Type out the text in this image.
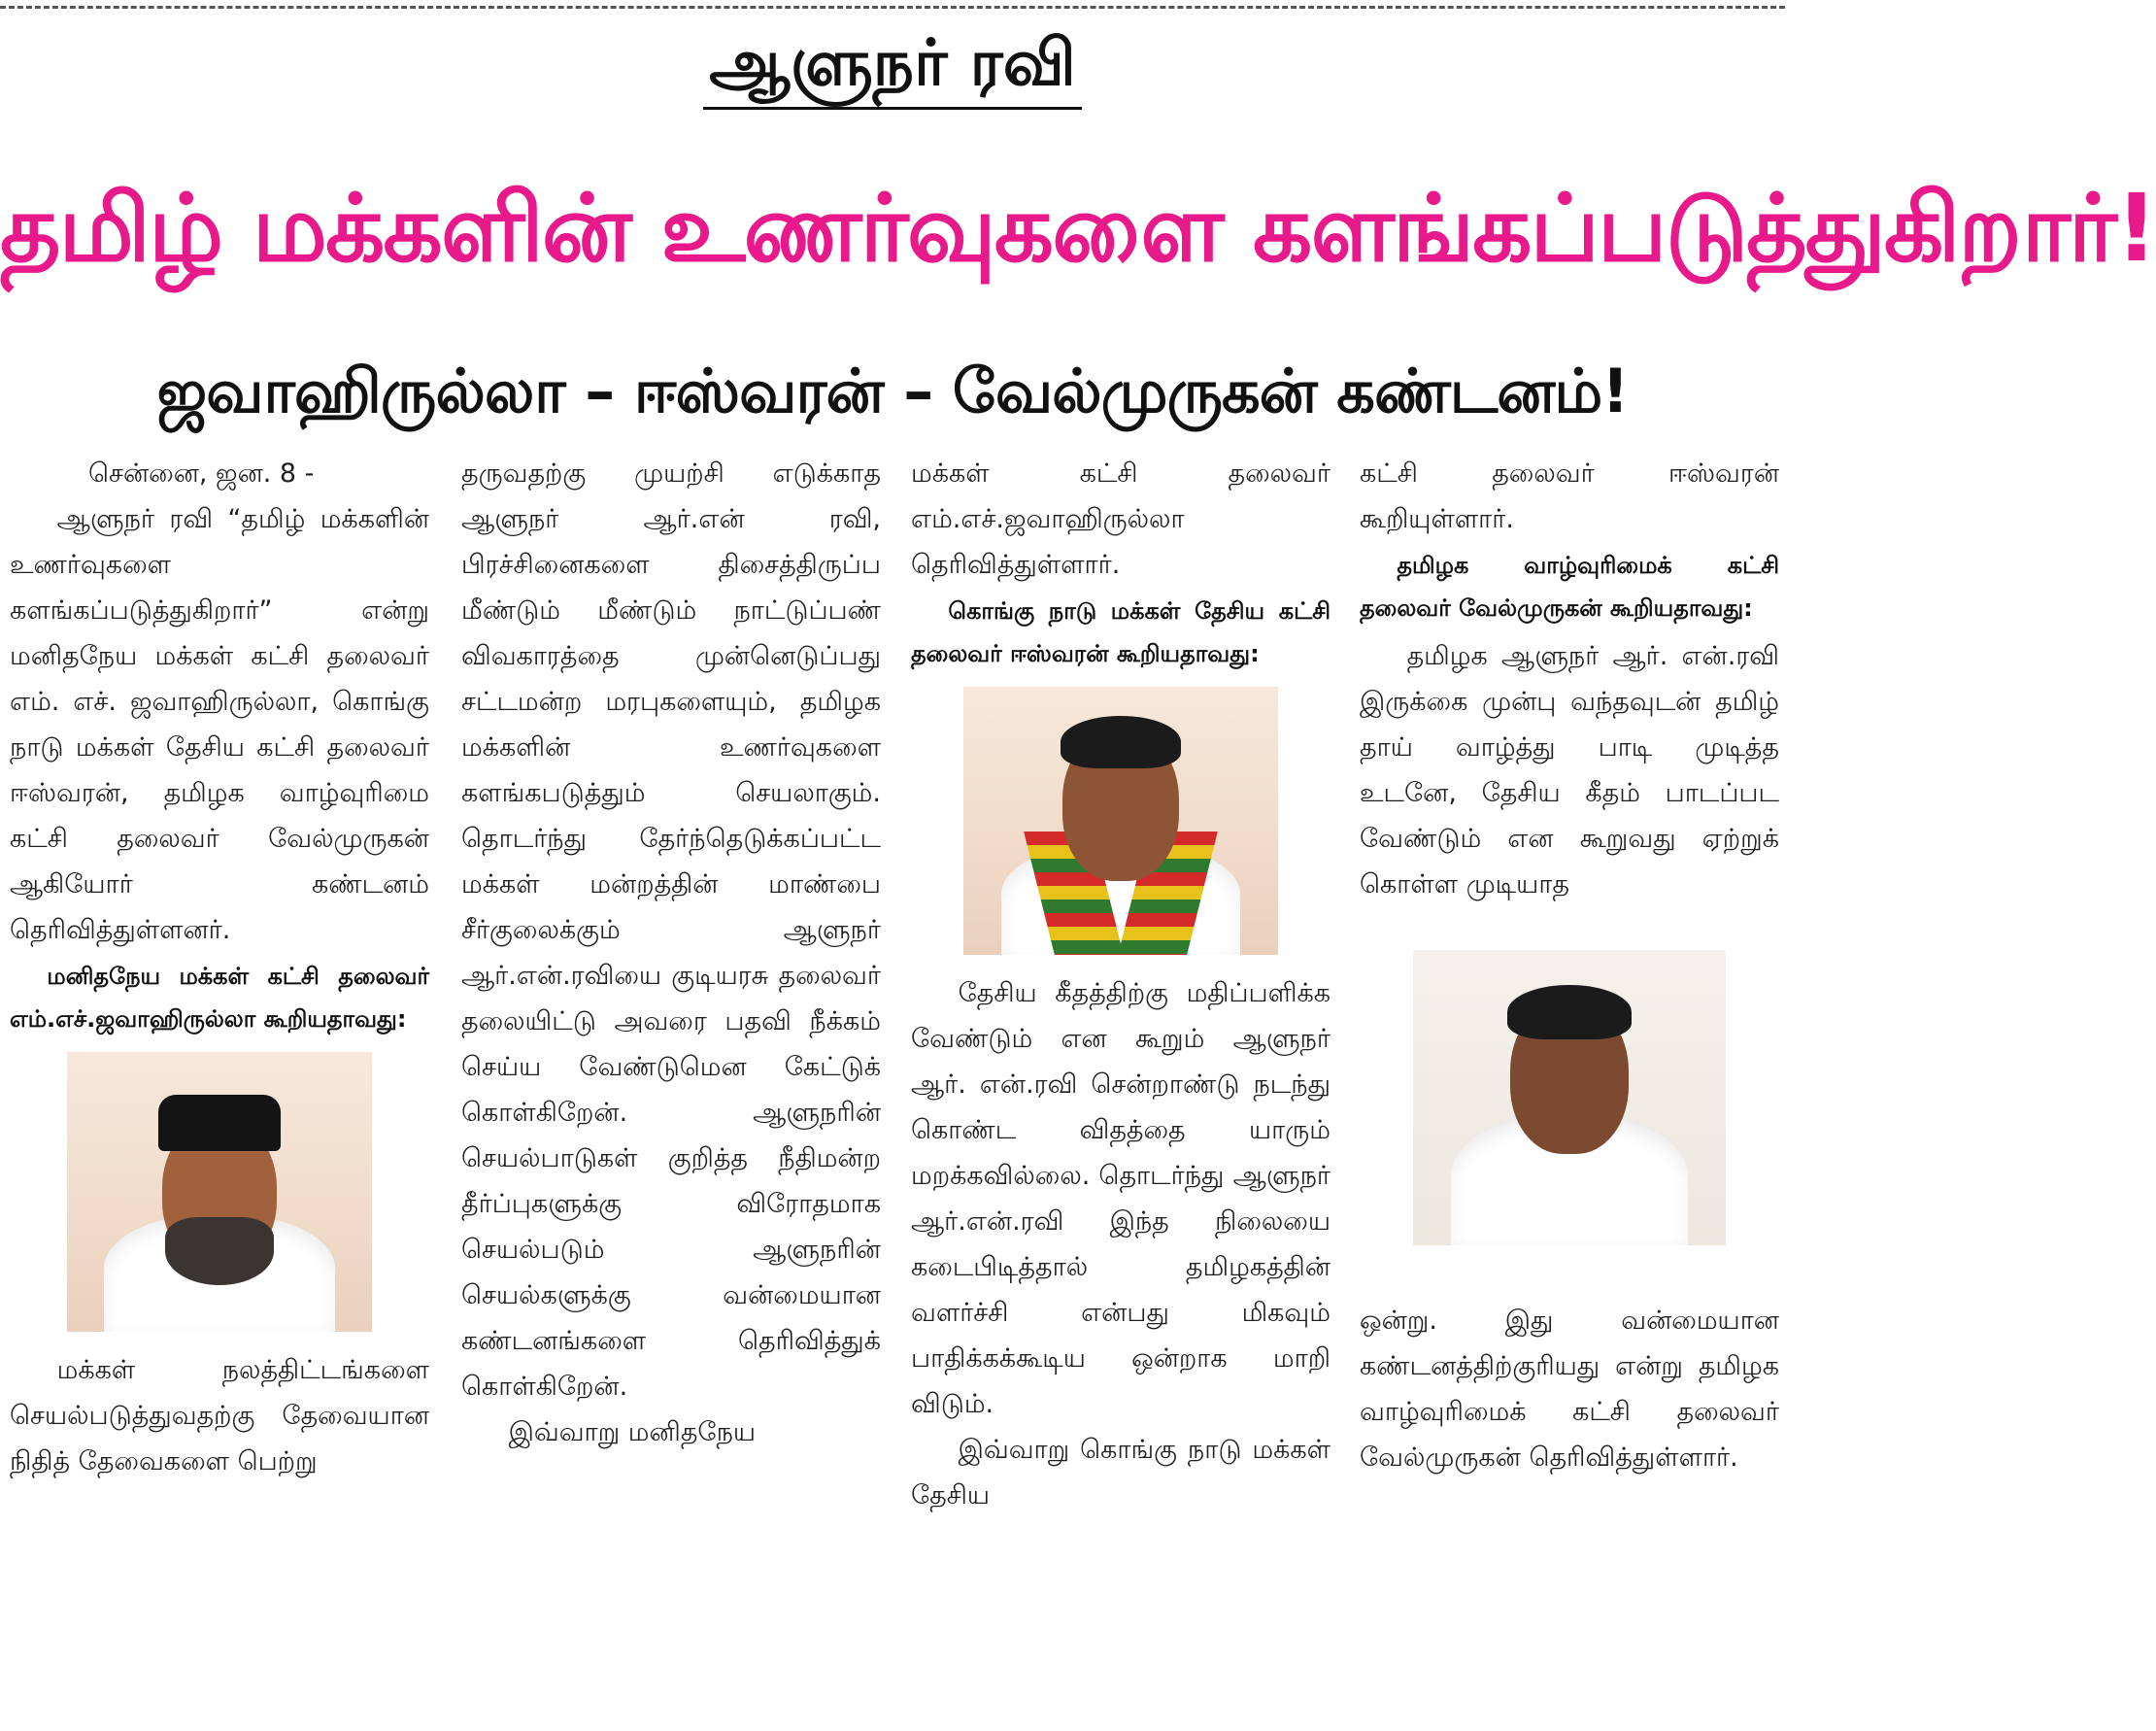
ஆளுநர் ரவி
தமிழ் மக்களின் உணர்வுகளை களங்கப்படுத்துகிறார்!
ஜவாஹிருல்லா – ஈஸ்வரன் – வேல்முருகன் கண்டனம்!

சென்னை, ஜன. 8 -

ஆளுநர் ரவி “தமிழ் மக்களின் உணர்வுகளை களங்கப்படுத்துகிறார்” என்று மனிதநேய மக்கள் கட்சி தலைவர் எம். எச். ஜவாஹிருல்லா, கொங்கு நாடு மக்கள் தேசிய கட்சி தலைவர் ஈஸ்வரன், தமிழக வாழ்வுரிமை கட்சி தலைவர் வேல்முருகன் ஆகியோர் கண்டனம் தெரிவித்துள்ளனர்.

மனிதநேய மக்கள் கட்சி தலைவர் எம்.எச்.ஜவாஹிருல்லா கூறியதாவது:

மக்கள் நலத்திட்டங்களை செயல்படுத்துவதற்கு தேவையான நிதித் தேவைகளை பெற்று

தருவதற்கு முயற்சி எடுக்காத ஆளுநர் ஆர்.என் ரவி, பிரச்சினைகளை திசைத்திருப்ப மீண்டும் மீண்டும் நாட்டுப்பண் விவகாரத்தை முன்னெடுப்பது சட்டமன்ற மரபுகளையும், தமிழக மக்களின் உணர்வுகளை களங்கபடுத்தும் செயலாகும். தொடர்ந்து தேர்ந்தெடுக்கப்பட்ட மக்கள் மன்றத்தின் மாண்பை சீர்குலைக்கும் ஆளுநர் ஆர்.என்.ரவியை குடியரசு தலைவர் தலையிட்டு அவரை பதவி நீக்கம் செய்ய வேண்டுமென கேட்டுக் கொள்கிறேன். ஆளுநரின் செயல்பாடுகள் குறித்த நீதிமன்ற தீர்ப்புகளுக்கு விரோதமாக செயல்படும் ஆளுநரின் செயல்களுக்கு வன்மையான கண்டனங்களை தெரிவித்துக் கொள்கிறேன்.

இவ்வாறு மனிதநேய

மக்கள் கட்சி தலைவர் எம்.எச்.ஜவாஹிருல்லா தெரிவித்துள்ளார்.

கொங்கு நாடு மக்கள் தேசிய கட்சி தலைவர் ஈஸ்வரன் கூறியதாவது:

தேசிய கீதத்திற்கு மதிப்பளிக்க வேண்டும் என கூறும் ஆளுநர் ஆர். என்.ரவி சென்றாண்டு நடந்து கொண்ட விதத்தை யாரும் மறக்கவில்லை. தொடர்ந்து ஆளுநர் ஆர்.என்.ரவி இந்த நிலையை கடைபிடித்தால் தமிழகத்தின் வளர்ச்சி என்பது மிகவும் பாதிக்கக்கூடிய ஒன்றாக மாறி விடும்.

இவ்வாறு கொங்கு நாடு மக்கள் தேசிய

கட்சி தலைவர் ஈஸ்வரன் கூறியுள்ளார்.

தமிழக வாழ்வுரிமைக் கட்சி தலைவர் வேல்முருகன் கூறியதாவது:

தமிழக ஆளுநர் ஆர். என்.ரவி இருக்கை முன்பு வந்தவுடன் தமிழ் தாய் வாழ்த்து பாடி முடித்த உடனே, தேசிய கீதம் பாடப்பட வேண்டும் என கூறுவது ஏற்றுக் கொள்ள முடியாத

ஒன்று. இது வன்மையான கண்டனத்திற்குரியது என்று தமிழக வாழ்வுரிமைக் கட்சி தலைவர் வேல்முருகன் தெரிவித்துள்ளார்.
